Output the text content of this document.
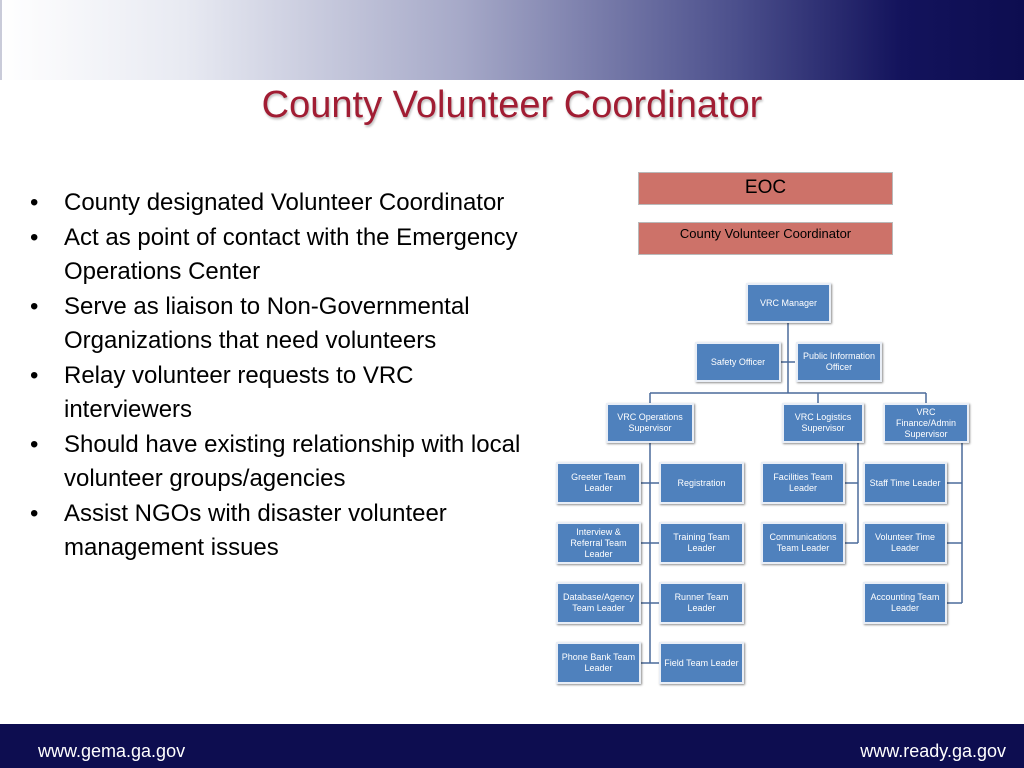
County Volunteer Coordinator
• County designated Volunteer Coordinator
• Act as point of contact with the Emergency Operations Center
• Serve as liaison to Non-Governmental Organizations that need volunteers
• Relay volunteer requests to VRC interviewers
• Should have existing relationship with local volunteer groups/agencies
• Assist NGOs with disaster volunteer management issues
EOC
County Volunteer Coordinator
VRC Manager
Safety Officer
Public Information Officer
VRC Operations Supervisor
VRC Logistics Supervisor
VRC Finance/Admin Supervisor
Greeter Team Leader
Interview & Referral Team Leader
Database/Agency Team Leader
Phone Bank Team Leader
Registration
Training Team Leader
Runner Team Leader
Field Team Leader
Facilities Team Leader
Communications Team Leader
Staff Time Leader
Volunteer Time Leader
Accounting Team Leader
www.gema.ga.gov	www.ready.ga.gov
